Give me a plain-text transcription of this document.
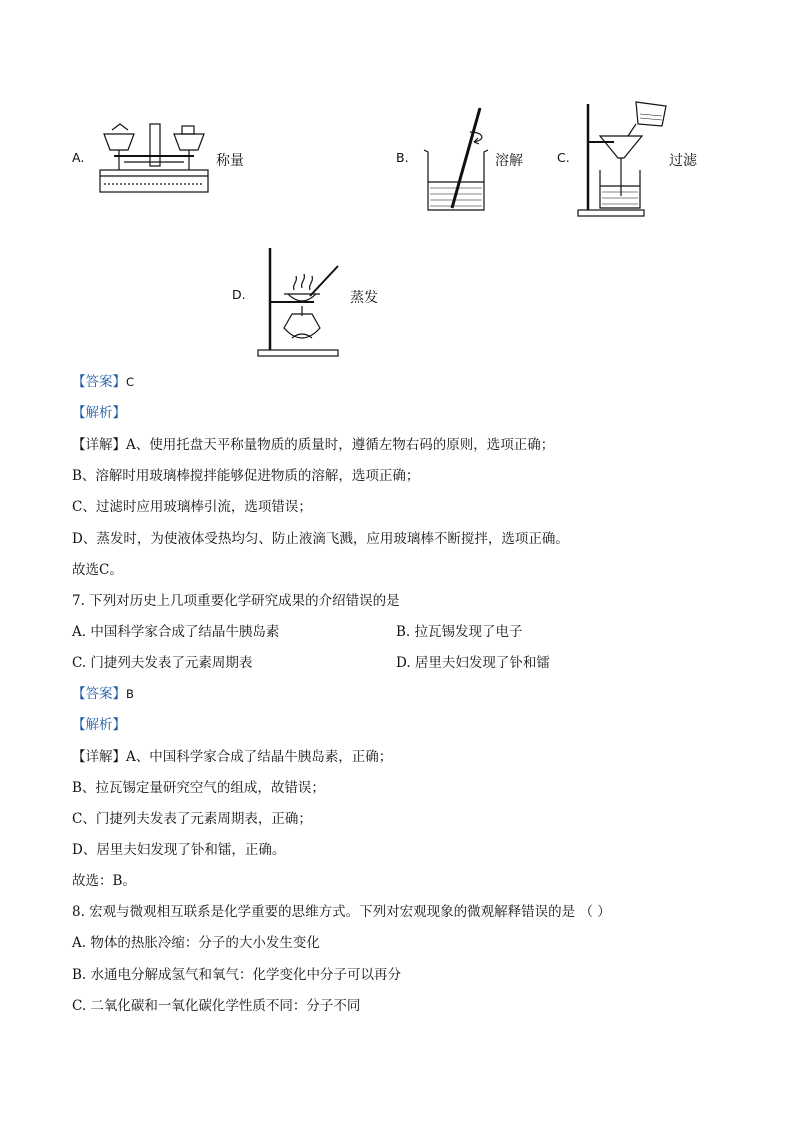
A.	称量	B.	溶解	C.	过滤
D.	蒸发
【答案】C
【解析】
【详解】A、使用托盘天平称量物质的质量时，遵循左物右码的原则，选项正确；
B、溶解时用玻璃棒搅拌能够促进物质的溶解，选项正确；
C、过滤时应用玻璃棒引流，选项错误；
D、蒸发时，为使液体受热均匀、防止液滴飞溅，应用玻璃棒不断搅拌，选项正确。
故选C。
7. 下列对历史上几项重要化学研究成果的介绍错误的是
A. 中国科学家合成了结晶牛胰岛素	B. 拉瓦锡发现了电子
C. 门捷列夫发表了元素周期表	D. 居里夫妇发现了钋和镭
【答案】B
【解析】
【详解】A、中国科学家合成了结晶牛胰岛素，正确；
B、拉瓦锡定量研究空气的组成，故错误；
C、门捷列夫发表了元素周期表，正确；
D、居里夫妇发现了钋和镭，正确。
故选：B。
8. 宏观与微观相互联系是化学重要的思维方式。下列对宏观现象的微观解释错误的是 （ ）
A. 物体的热胀冷缩：分子的大小发生变化
B. 水通电分解成氢气和氧气：化学变化中分子可以再分
C. 二氧化碳和一氧化碳化学性质不同：分子不同
